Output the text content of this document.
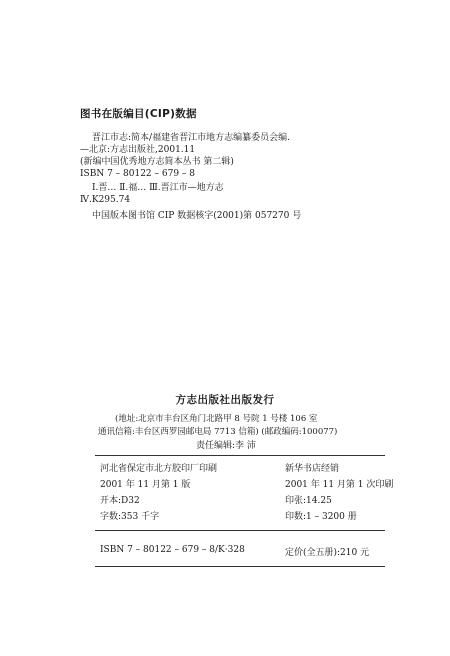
图书在版编目(CIP)数据
晋江市志:简本/福建省晋江市地方志编纂委员会编.
—北京:方志出版社,2001.11
(新编中国优秀地方志简本丛书 第二辑)
ISBN 7 – 80122 – 679 – 8
Ⅰ.晋… Ⅱ.福… Ⅲ.晋江市—地方志
Ⅳ.K295.74
中国版本图书馆 CIP 数据核字(2001)第 057270 号
方志出版社出版发行
(地址:北京市丰台区角门北路甲 8 号院 1 号楼 106 室
通讯信箱:丰台区西罗园邮电局 7713 信箱) (邮政编码:100077)
责任编辑:李 沛
河北省保定市北方胶印厂印刷	新华书店经销
2001 年 11 月第 1 版	2001 年 11 月第 1 次印刷
开本:D32	印张:14.25
字数:353 千字	印数:1 – 3200 册
ISBN 7 – 80122 – 679 – 8/K·328	定价(全五册):210 元
